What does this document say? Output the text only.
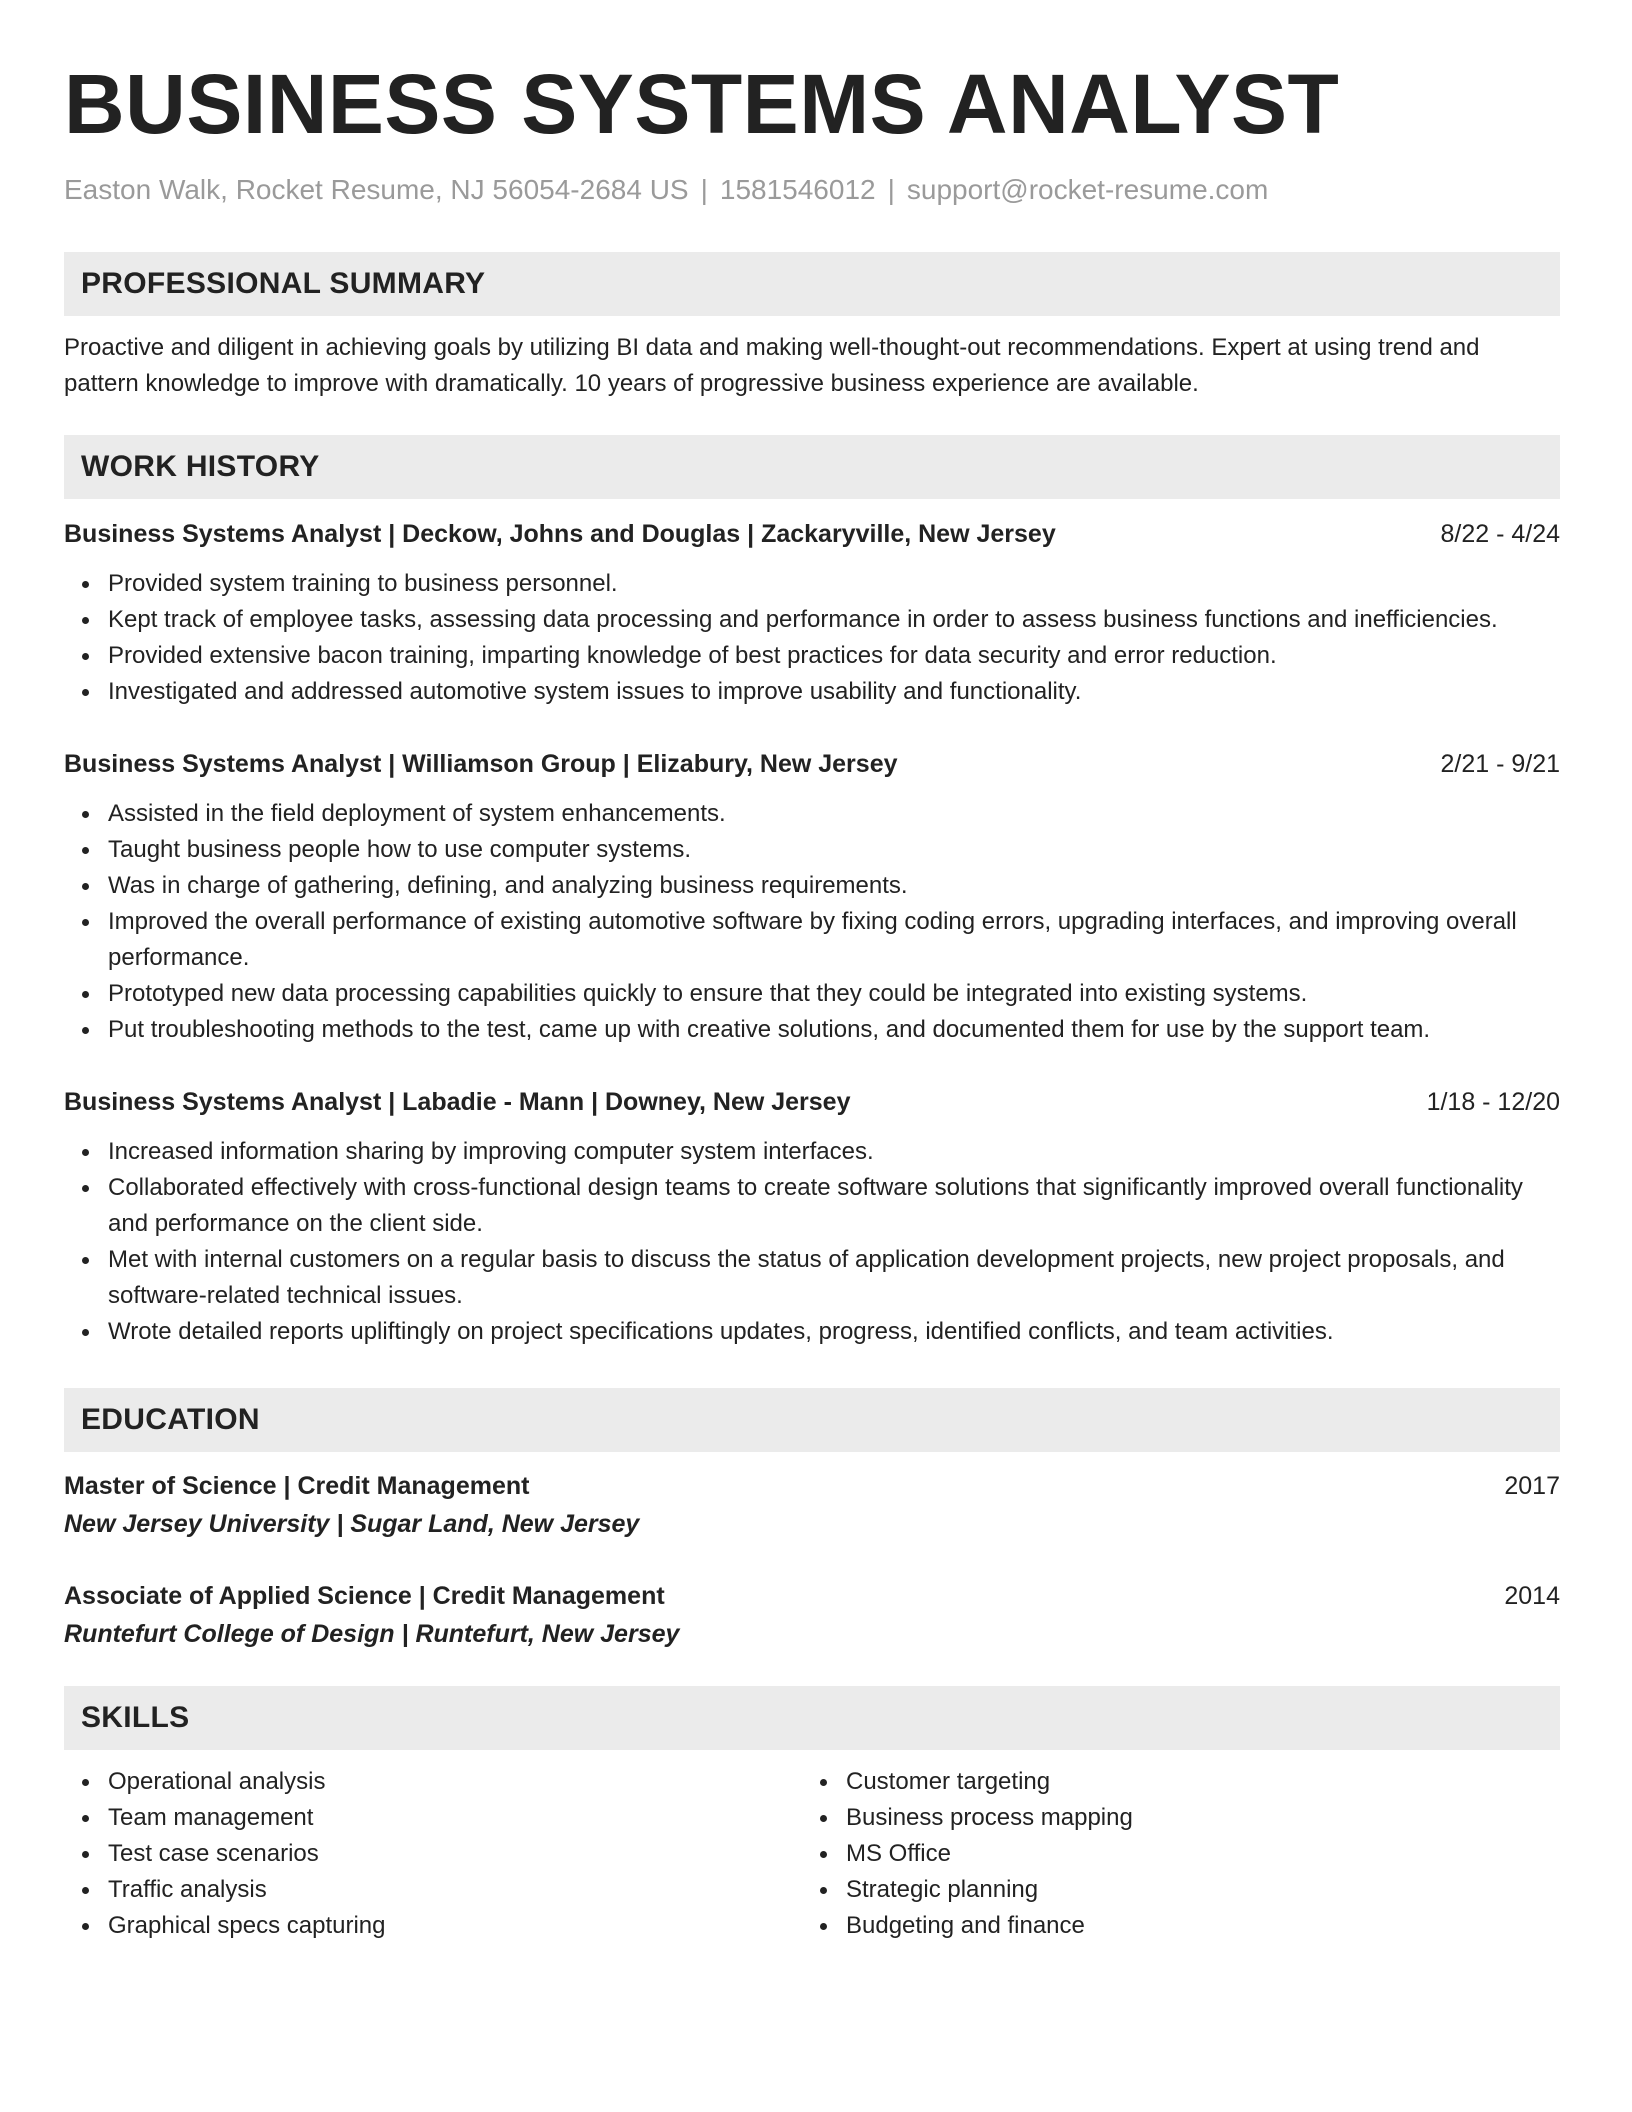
BUSINESS SYSTEMS ANALYST
Easton Walk, Rocket Resume, NJ 56054-2684 US | 1581546012 | support@rocket-resume.com
PROFESSIONAL SUMMARY
Proactive and diligent in achieving goals by utilizing BI data and making well-thought-out recommendations. Expert at using trend and pattern knowledge to improve with dramatically. 10 years of progressive business experience are available.
WORK HISTORY
Business Systems Analyst | Deckow, Johns and Douglas | Zackaryville, New Jersey	8/22 - 4/24
Provided system training to business personnel.
Kept track of employee tasks, assessing data processing and performance in order to assess business functions and inefficiencies.
Provided extensive bacon training, imparting knowledge of best practices for data security and error reduction.
Investigated and addressed automotive system issues to improve usability and functionality.
Business Systems Analyst | Williamson Group | Elizabury, New Jersey	2/21 - 9/21
Assisted in the field deployment of system enhancements.
Taught business people how to use computer systems.
Was in charge of gathering, defining, and analyzing business requirements.
Improved the overall performance of existing automotive software by fixing coding errors, upgrading interfaces, and improving overall performance.
Prototyped new data processing capabilities quickly to ensure that they could be integrated into existing systems.
Put troubleshooting methods to the test, came up with creative solutions, and documented them for use by the support team.
Business Systems Analyst | Labadie - Mann | Downey, New Jersey	1/18 - 12/20
Increased information sharing by improving computer system interfaces.
Collaborated effectively with cross-functional design teams to create software solutions that significantly improved overall functionality and performance on the client side.
Met with internal customers on a regular basis to discuss the status of application development projects, new project proposals, and software-related technical issues.
Wrote detailed reports upliftingly on project specifications updates, progress, identified conflicts, and team activities.
EDUCATION
Master of Science | Credit Management	2017
New Jersey University | Sugar Land, New Jersey
Associate of Applied Science | Credit Management	2014
Runtefurt College of Design | Runtefurt, New Jersey
SKILLS
Operational analysis
Team management
Test case scenarios
Traffic analysis
Graphical specs capturing
Customer targeting
Business process mapping
MS Office
Strategic planning
Budgeting and finance
